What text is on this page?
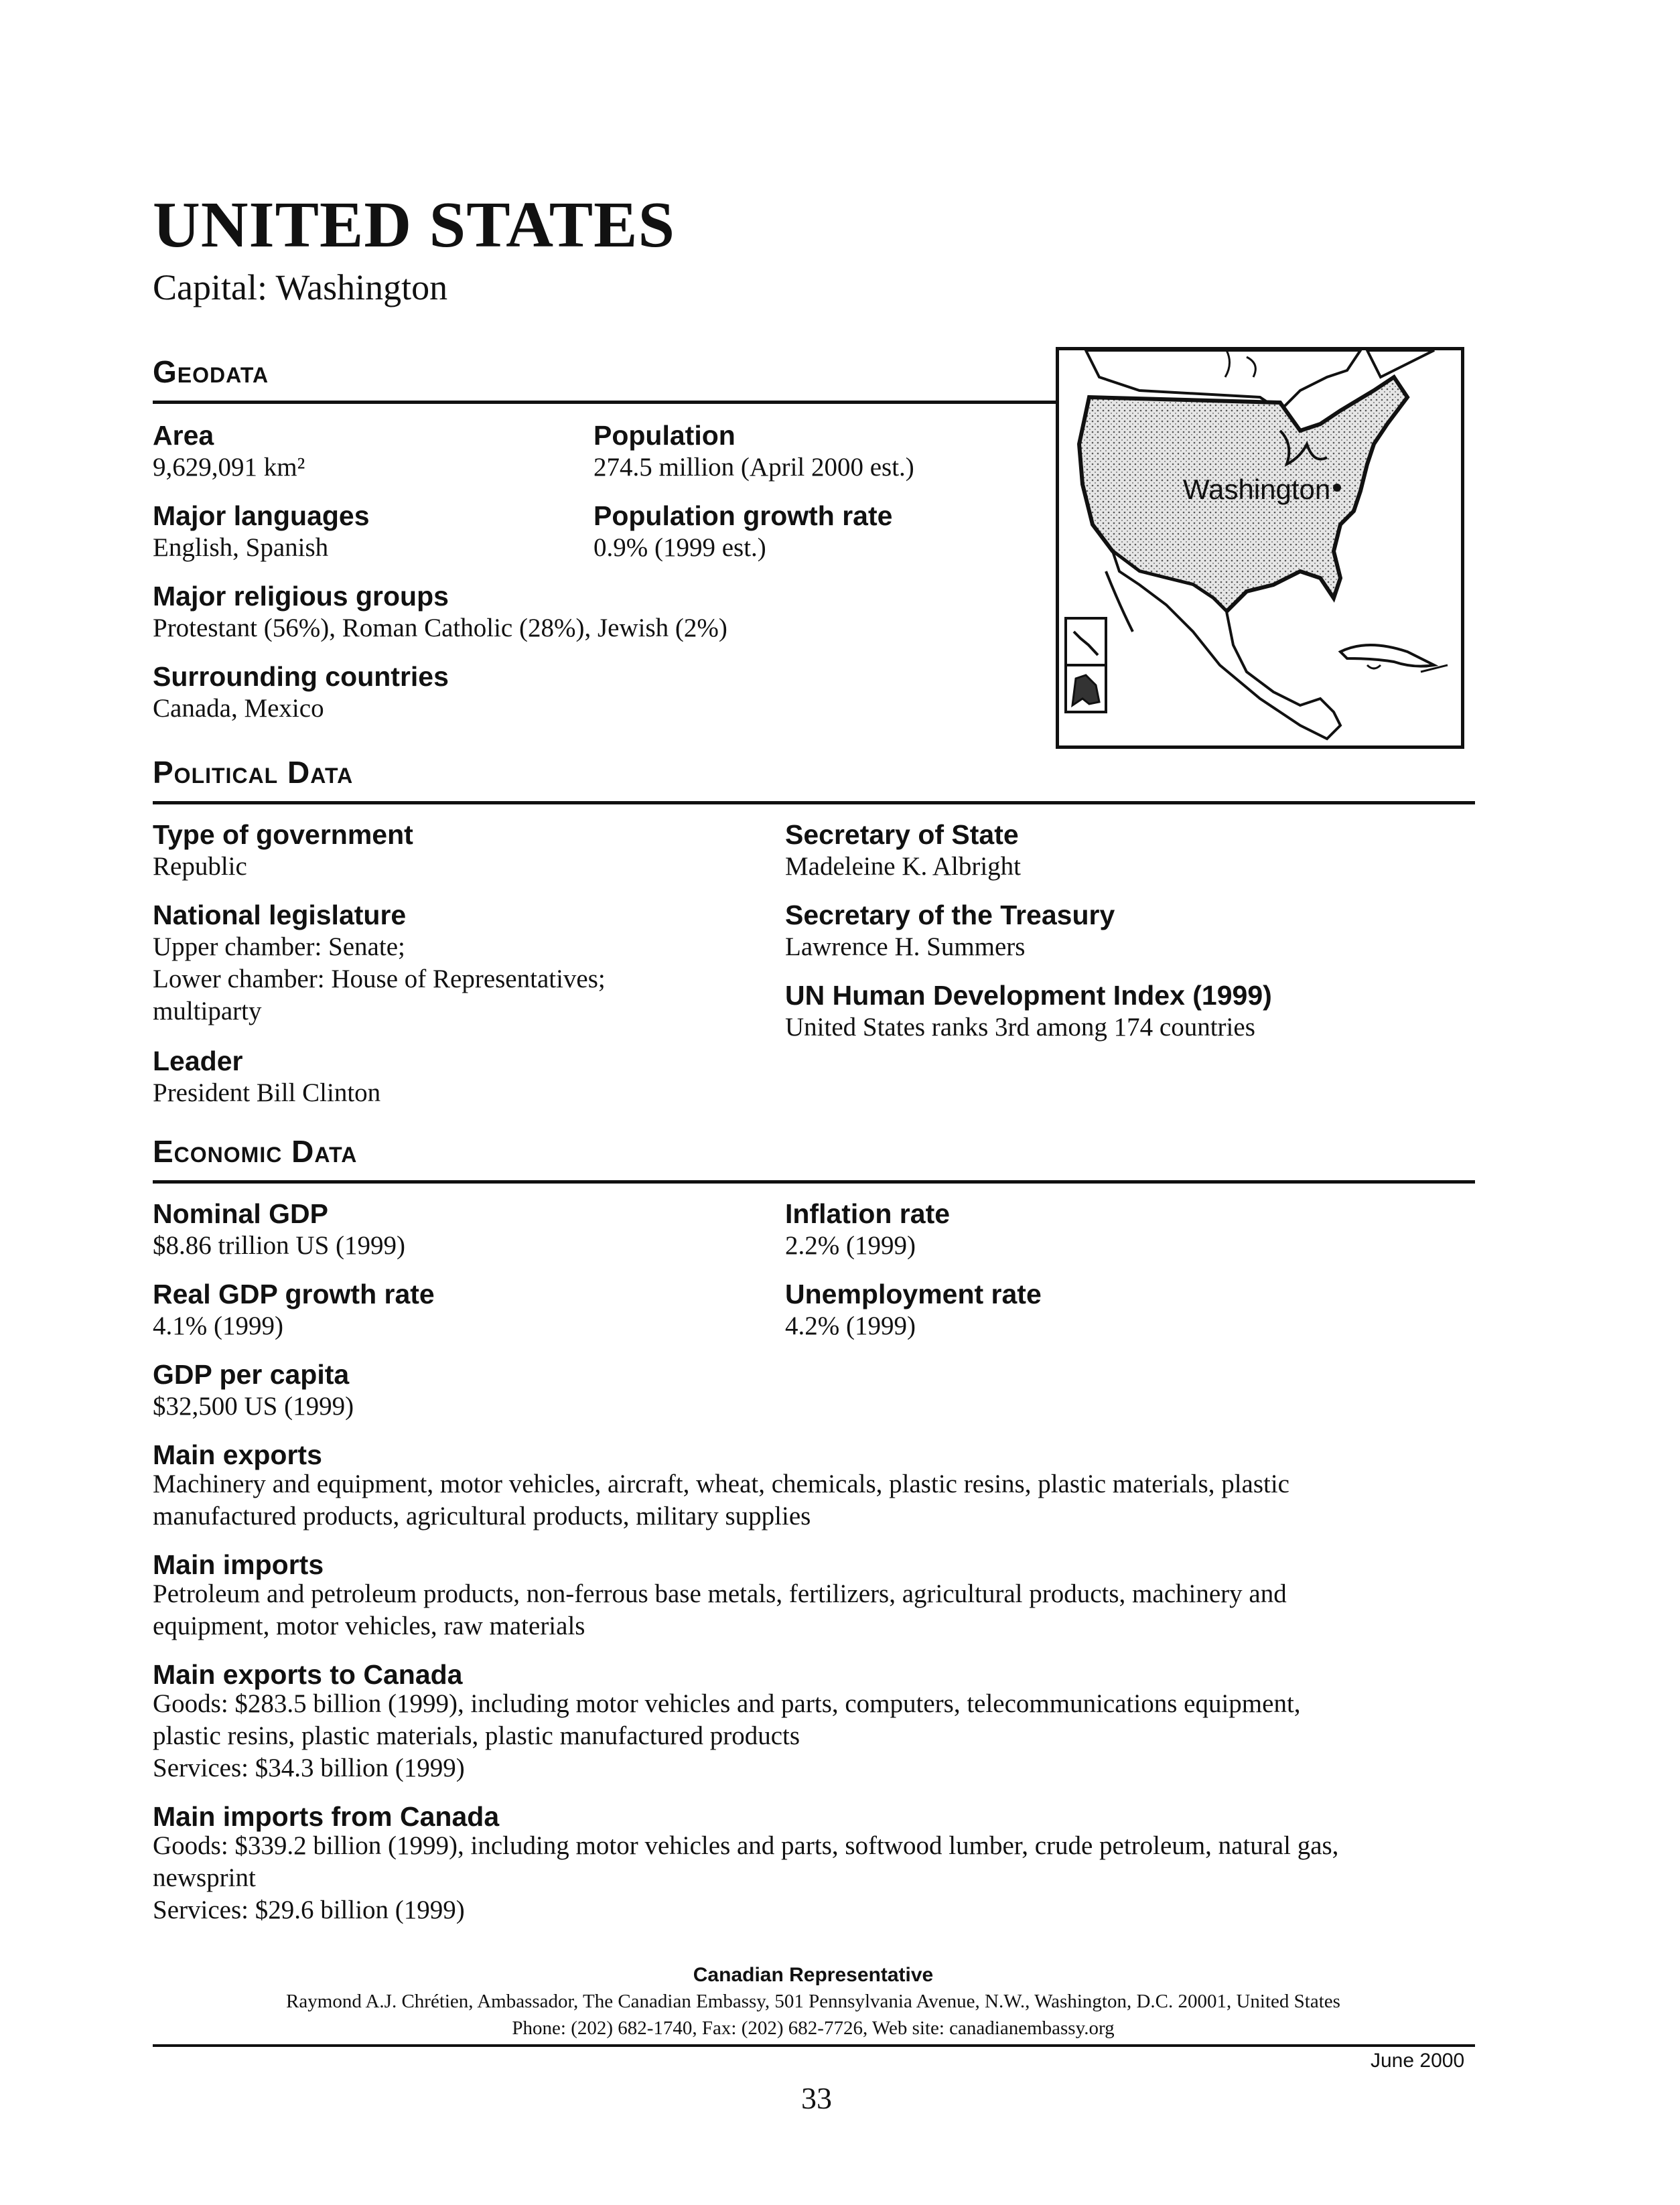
UNITED STATES
Capital: Washington
Geodata
Area
9,629,091 km²
Population
274.5 million (April 2000 est.)
Major languages
English, Spanish
Population growth rate
0.9% (1999 est.)
Major religious groups
Protestant (56%), Roman Catholic (28%), Jewish (2%)
Surrounding countries
Canada, Mexico
Washington
Political Data
Type of government
Republic
National legislature
Upper chamber: Senate;
Lower chamber: House of Representatives;
multiparty
Leader
President Bill Clinton
Secretary of State
Madeleine K. Albright
Secretary of the Treasury
Lawrence H. Summers
UN Human Development Index (1999)
United States ranks 3rd among 174 countries
Economic Data
Nominal GDP
$8.86 trillion US (1999)
Real GDP growth rate
4.1% (1999)
GDP per capita
$32,500 US (1999)
Inflation rate
2.2% (1999)
Unemployment rate
4.2% (1999)
Main exports
Machinery and equipment, motor vehicles, aircraft, wheat, chemicals, plastic resins, plastic materials, plastic
manufactured products, agricultural products, military supplies
Main imports
Petroleum and petroleum products, non-ferrous base metals, fertilizers, agricultural products, machinery and
equipment, motor vehicles, raw materials
Main exports to Canada
Goods: $283.5 billion (1999), including motor vehicles and parts, computers, telecommunications equipment,
plastic resins, plastic materials, plastic manufactured products
Services: $34.3 billion (1999)
Main imports from Canada
Goods: $339.2 billion (1999), including motor vehicles and parts, softwood lumber, crude petroleum, natural gas,
newsprint
Services: $29.6 billion (1999)
Canadian Representative
Raymond A.J. Chrétien, Ambassador, The Canadian Embassy, 501 Pennsylvania Avenue, N.W., Washington, D.C. 20001, United States
Phone: (202) 682-1740, Fax: (202) 682-7726, Web site: canadianembassy.org
June 2000
33
